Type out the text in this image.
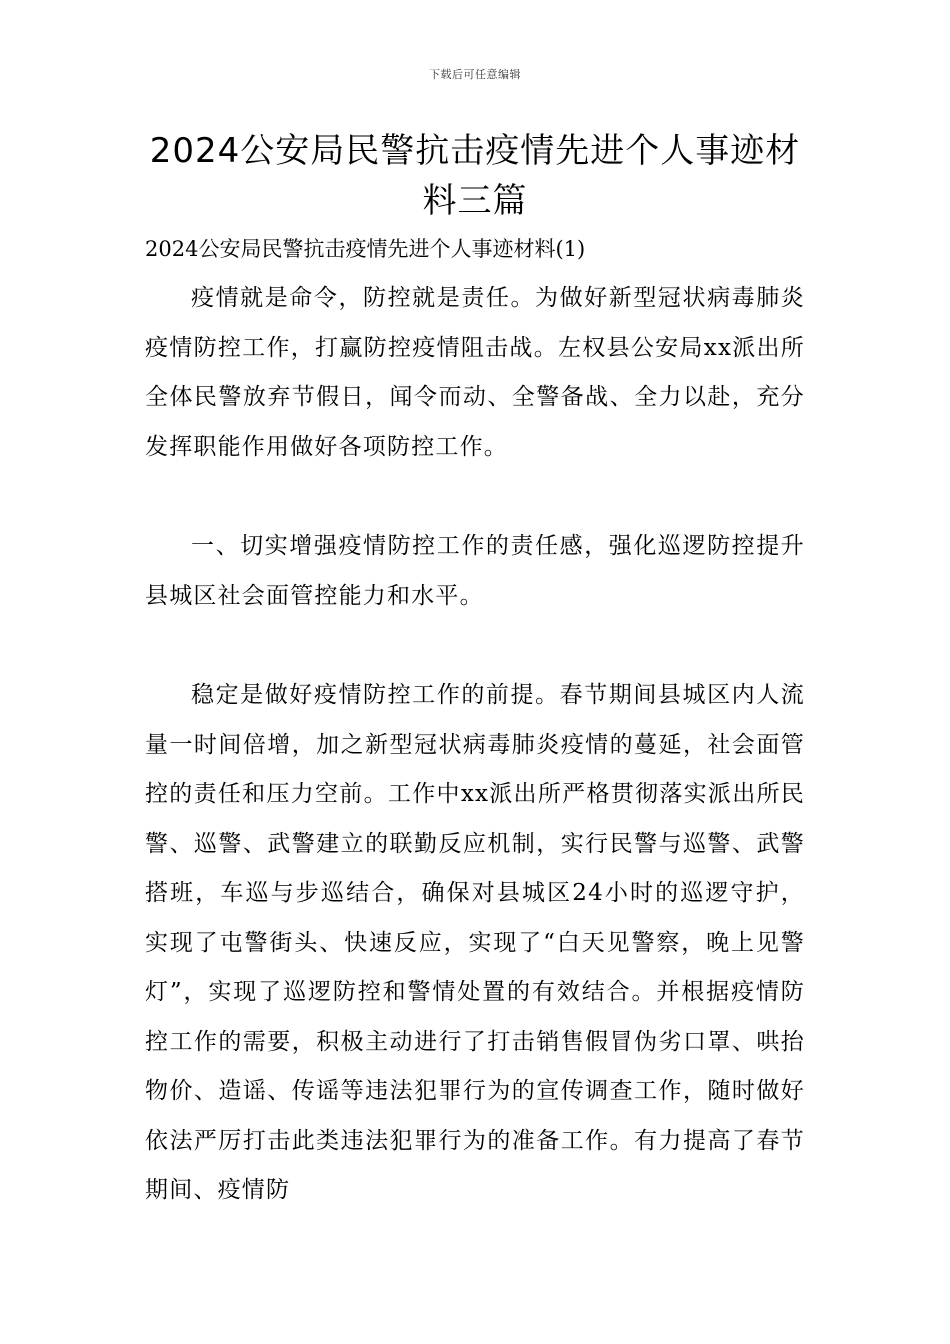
下载后可任意编辑
2024公安局民警抗击疫情先进个人事迹材料三篇

2024公安局民警抗击疫情先进个人事迹材料(1)

疫情就是命令，防控就是责任。为做好新型冠状病毒肺炎疫情防控工作，打赢防控疫情阻击战。左权县公安局xx派出所全体民警放弃节假日，闻令而动、全警备战、全力以赴，充分发挥职能作用做好各项防控工作。

一、切实增强疫情防控工作的责任感，强化巡逻防控提升县城区社会面管控能力和水平。

稳定是做好疫情防控工作的前提。春节期间县城区内人流量一时间倍增，加之新型冠状病毒肺炎疫情的蔓延，社会面管控的责任和压力空前。工作中xx派出所严格贯彻落实派出所民警、巡警、武警建立的联勤反应机制，实行民警与巡警、武警搭班，车巡与步巡结合，确保对县城区24小时的巡逻守护，实现了屯警街头、快速反应，实现了“白天见警察，晚上见警灯”，实现了巡逻防控和警情处置的有效结合。并根据疫情防控工作的需要，积极主动进行了打击销售假冒伪劣口罩、哄抬物价、造谣、传谣等违法犯罪行为的宣传调查工作，随时做好依法严厉打击此类违法犯罪行为的准备工作。有力提高了春节期间、疫情防
